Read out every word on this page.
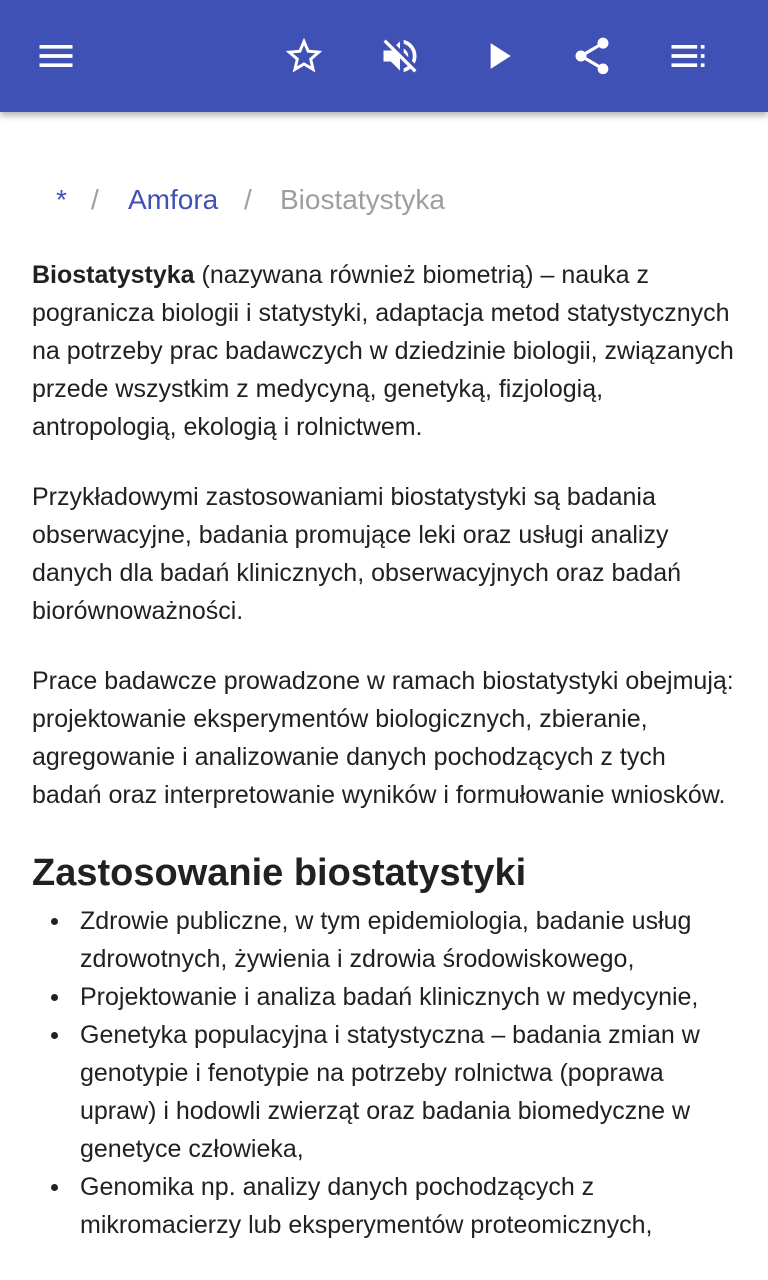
* / Amfora / Biostatystyka

Biostatystyka (nazywana również biometrią) – nauka z pogranicza biologii i statystyki, adaptacja metod statystycznych na potrzeby prac badawczych w dziedzinie biologii, związanych przede wszystkim z medycyną, genetyką, fizjologią, antropologią, ekologią i rolnictwem.

Przykładowymi zastosowaniami biostatystyki są badania obserwacyjne, badania promujące leki oraz usługi analizy danych dla badań klinicznych, obserwacyjnych oraz badań biorównoważności.

Prace badawcze prowadzone w ramach biostatystyki obejmują: projektowanie eksperymentów biologicznych, zbieranie, agregowanie i analizowanie danych pochodzących z tych badań oraz interpretowanie wyników i formułowanie wniosków.

Zastosowanie biostatystyki
Zdrowie publiczne, w tym epidemiologia, badanie usług zdrowotnych, żywienia i zdrowia środowiskowego,
Projektowanie i analiza badań klinicznych w medycynie,
Genetyka populacyjna i statystyczna – badania zmian w genotypie i fenotypie na potrzeby rolnictwa (poprawa upraw) i hodowli zwierząt oraz badania biomedyczne w genetyce człowieka,
Genomika np. analizy danych pochodzących z mikromacierzy lub eksperymentów proteomicznych,
